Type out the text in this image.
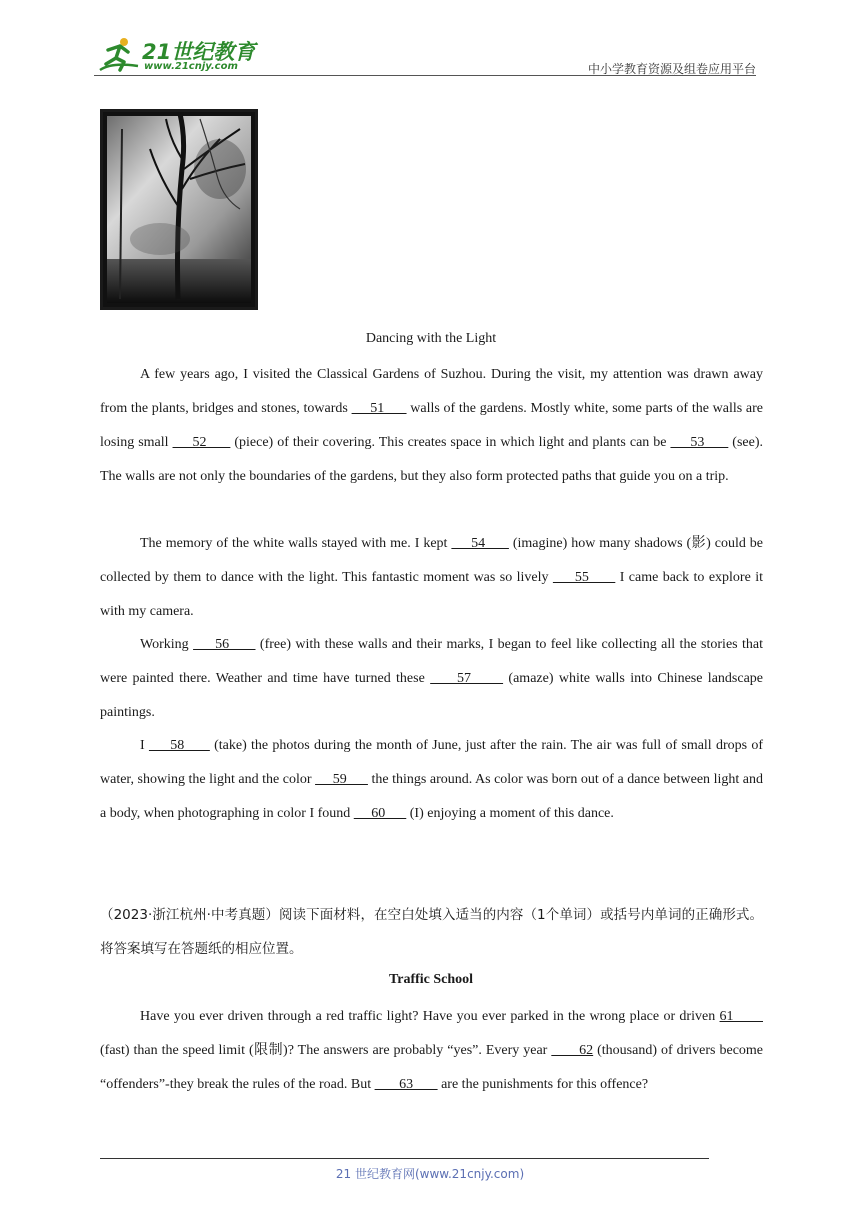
21世纪教育
www.21cnjy.com	中小学教育资源及组卷应用平台
Dancing with the Light
A few years ago, I visited the Classical Gardens of Suzhou. During the visit, my attention was drawn away from the plants, bridges and stones, towards      51       walls of the gardens. Mostly white, some parts of the walls are losing small      52       (piece) of their covering. This creates space in which light and plants can be      53       (see). The walls are not only the boundaries of the gardens, but they also form protected paths that guide you on a trip.
The memory of the white walls stayed with me. I kept      54       (imagine) how many shadows (影) could be collected by them to dance with the light. This fantastic moment was so lively      55       I came back to explore it with my camera.
Working      56       (free) with these walls and their marks, I began to feel like collecting all the stories that were painted there. Weather and time have turned these      57       (amaze) white walls into Chinese landscape paintings.
I      58       (take) the photos during the month of June, just after the rain. The air was full of small drops of water, showing the light and the color      59       the things around. As color was born out of a dance between light and a body, when photographing in color I found      60       (I) enjoying a moment of this dance.
（2023·浙江杭州·中考真题）阅读下面材料，在空白处填入适当的内容（1个单词）或括号内单词的正确形式。将答案填写在答题纸的相应位置。
Traffic School
Have you ever driven through a red traffic light? Have you ever parked in the wrong place or driven 61        (fast) than the speed limit (限制)? The answers are probably “yes”. Every year        62 (thousand) of drivers become “offenders”-they break the rules of the road. But        63        are the punishments for this offence?
21 世纪教育网(www.21cnjy.com)
